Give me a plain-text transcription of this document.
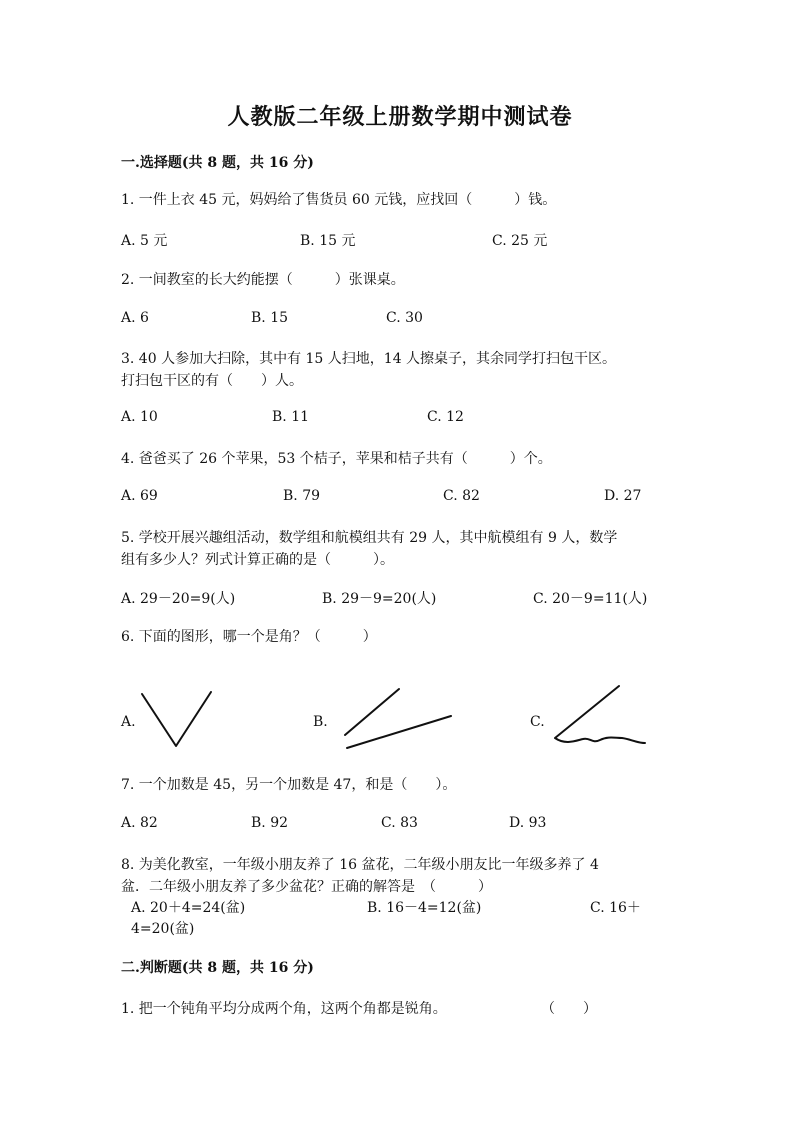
人教版二年级上册数学期中测试卷
一.选择题(共 8 题，共 16 分)
1. 一件上衣 45 元，妈妈给了售货员 60 元钱，应找回（　　　）钱。
A. 5 元	B. 15 元	C. 25 元
2. 一间教室的长大约能摆（　　　）张课桌。
A. 6	B. 15	C. 30
3. 40 人参加大扫除，其中有 15 人扫地，14 人擦桌子，其余同学打扫包干区。
打扫包干区的有（　　）人。
A. 10	B. 11	C. 12
4. 爸爸买了 26 个苹果，53 个桔子，苹果和桔子共有（　　　）个。
A. 69	B. 79	C. 82	D. 27
5. 学校开展兴趣组活动，数学组和航模组共有 29 人，其中航模组有 9 人，数学
组有多少人？列式计算正确的是（　　　）。
A. 29－20=9(人)	B. 29－9=20(人)	C. 20－9=11(人)
6. 下面的图形，哪一个是角？（　　　）
A.	B.	C.
7. 一个加数是 45，另一个加数是 47，和是（　　）。
A. 82	B. 92	C. 83	D. 93
8. 为美化教室，一年级小朋友养了 16 盆花，二年级小朋友比一年级多养了 4
盆．二年级小朋友养了多少盆花？正确的解答是　（　　　）
A. 20＋4=24(盆)	B. 16－4=12(盆)	C. 16＋
4=20(盆)
二.判断题(共 8 题，共 16 分)
1. 把一个钝角平均分成两个角，这两个角都是锐角。	（　　）
